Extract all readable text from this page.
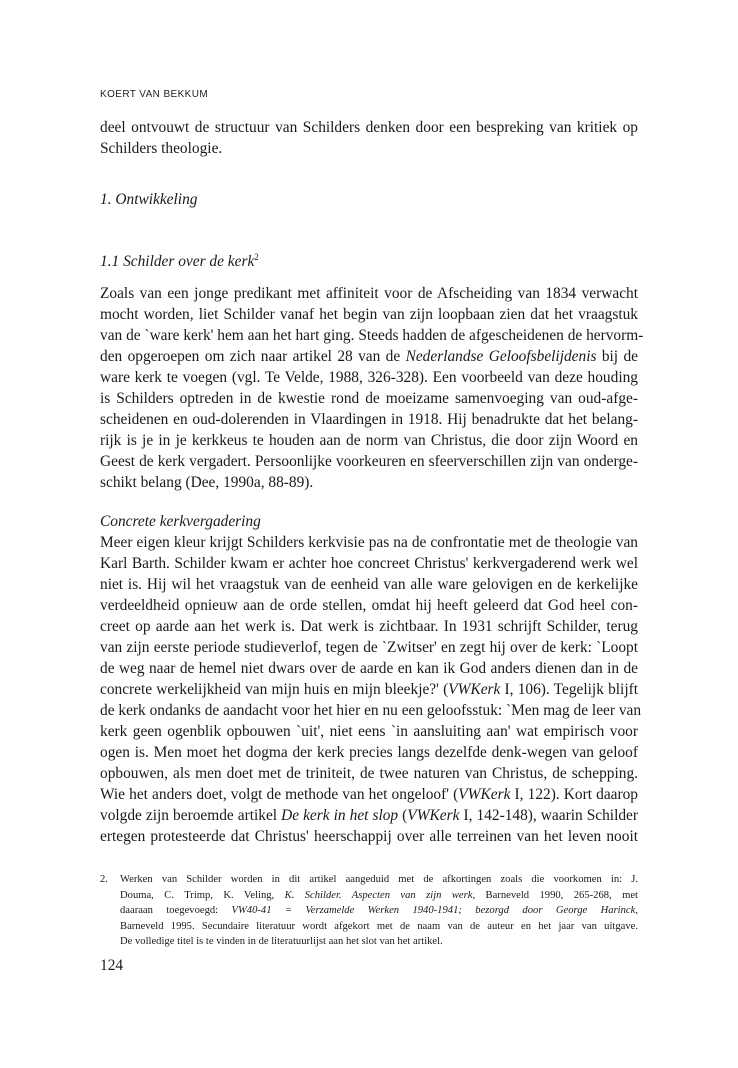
KOERT VAN BEKKUM
deel ontvouwt de structuur van Schilders denken door een bespreking van kritiek op
Schilders theologie.
1. Ontwikkeling
1.1 Schilder over de kerk$^2$
Zoals van een jonge predikant met affiniteit voor de Afscheiding van 1834 verwacht
mocht worden, liet Schilder vanaf het begin van zijn loopbaan zien dat het vraagstuk
van de `ware kerk' hem aan het hart ging. Steeds hadden de afgescheidenen de hervorm-
den opgeroepen om zich naar artikel 28 van de Nederlandse Geloofsbelijdenis bij de
ware kerk te voegen (vgl. Te Velde, 1988, 326-328). Een voorbeeld van deze houding
is Schilders optreden in de kwestie rond de moeizame samenvoeging van oud-afge-
scheidenen en oud-dolerenden in Vlaardingen in 1918. Hij benadrukte dat het belang-
rijk is je in je kerkkeus te houden aan de norm van Christus, die door zijn Woord en
Geest de kerk vergadert. Persoonlijke voorkeuren en sfeerverschillen zijn van onderge-
schikt belang (Dee, 1990a, 88-89).
Concrete kerkvergadering
Meer eigen kleur krijgt Schilders kerkvisie pas na de confrontatie met de theologie van
Karl Barth. Schilder kwam er achter hoe concreet Christus' kerkvergaderend werk wel
niet is. Hij wil het vraagstuk van de eenheid van alle ware gelovigen en de kerkelijke
verdeeldheid opnieuw aan de orde stellen, omdat hij heeft geleerd dat God heel con-
creet op aarde aan het werk is. Dat werk is zichtbaar. In 1931 schrijft Schilder, terug
van zijn eerste periode studieverlof, tegen de `Zwitser' en zegt hij over de kerk: `Loopt
de weg naar de hemel niet dwars over de aarde en kan ik God anders dienen dan in de
concrete werkelijkheid van mijn huis en mijn bleekje?' (VWKerk I, 106). Tegelijk blijft
de kerk ondanks de aandacht voor het hier en nu een geloofsstuk: `Men mag de leer van
kerk geen ogenblik opbouwen `uit', niet eens `in aansluiting aan' wat empirisch voor
ogen is. Men moet het dogma der kerk precies langs dezelfde denk-wegen van geloof
opbouwen, als men doet met de triniteit, de twee naturen van Christus, de schepping.
Wie het anders doet, volgt de methode van het ongeloof' (VWKerk I, 122). Kort daarop
volgde zijn beroemde artikel De kerk in het slop (VWKerk I, 142-148), waarin Schilder
ertegen protesteerde dat Christus' heerschappij over alle terreinen van het leven nooit
2. Werken van Schilder worden in dit artikel aangeduid met de afkortingen zoals die voorkomen in: J.
Douma, C. Trimp, K. Veling, K. Schilder. Aspecten van zijn werk, Barneveld 1990, 265-268, met
daaraan toegevoegd: VW40-41 = Verzamelde Werken 1940-1941; bezorgd door George Harinck,
Barneveld 1995. Secundaire literatuur wordt afgekort met de naam van de auteur en het jaar van uitgave.
De volledige titel is te vinden in de literatuurlijst aan het slot van het artikel.
124
